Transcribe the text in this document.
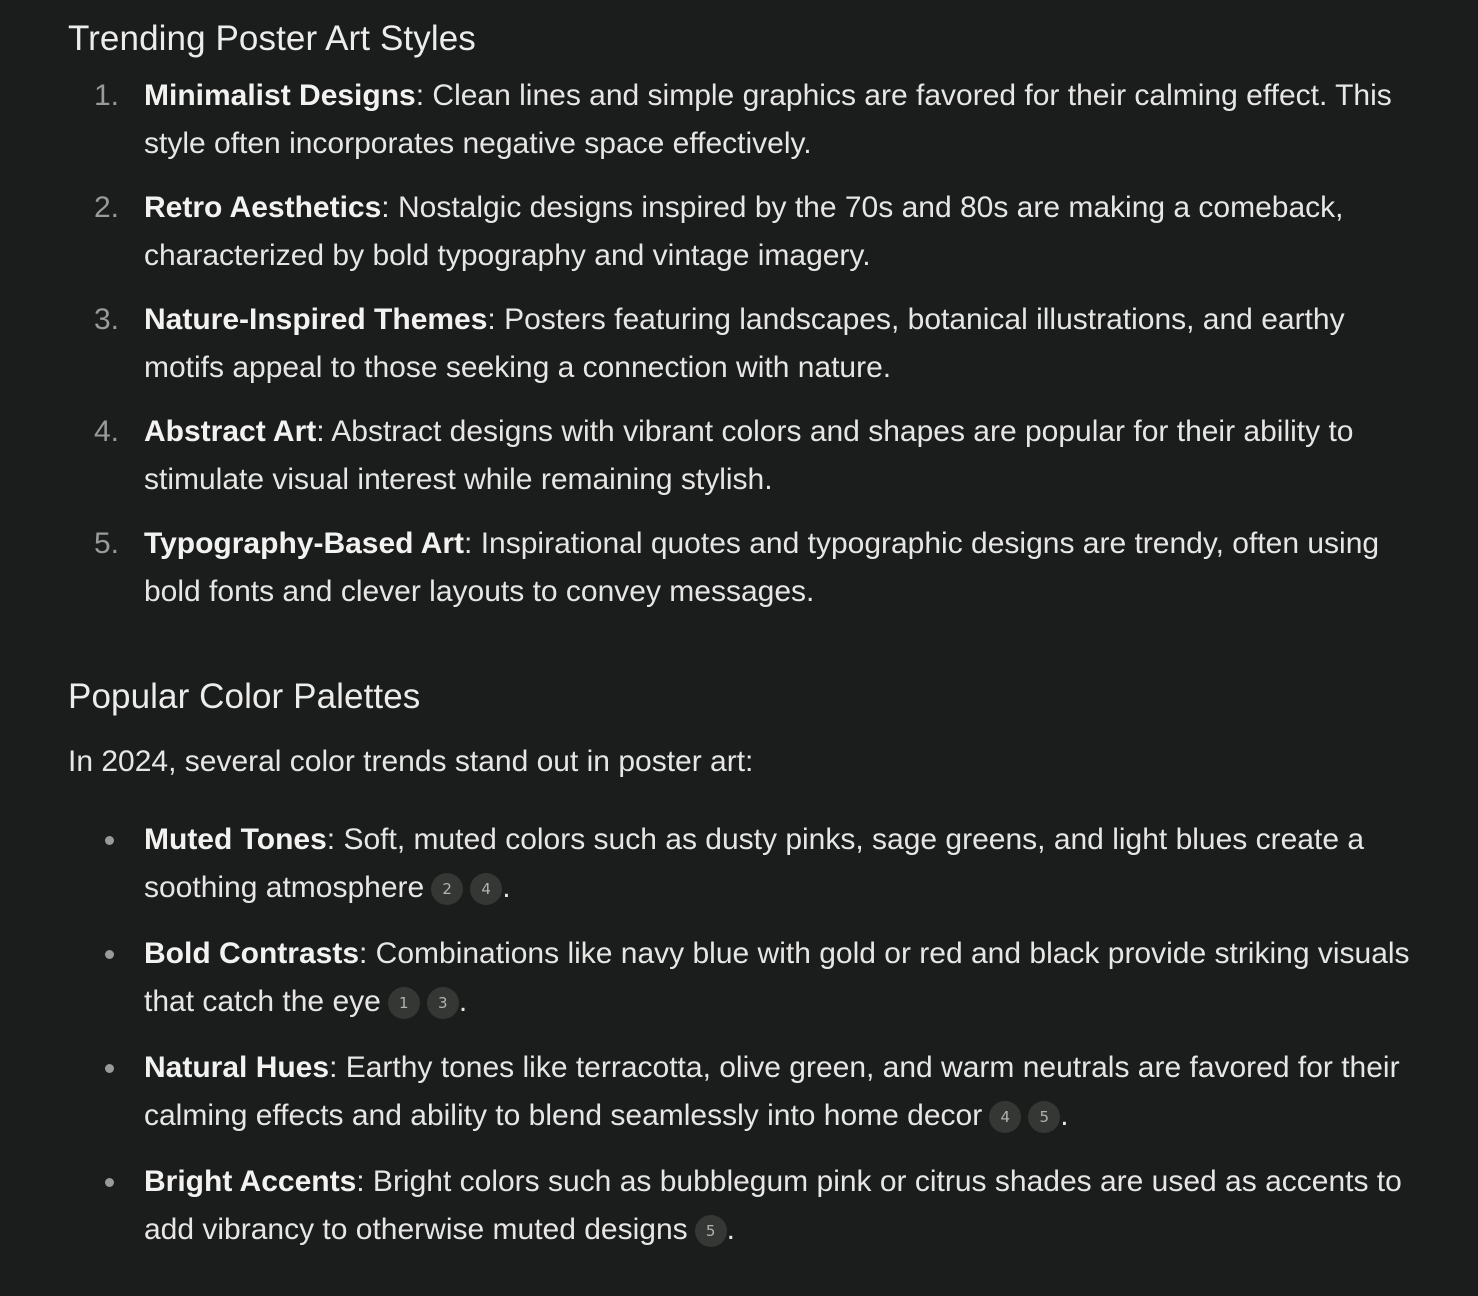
Trending Poster Art Styles
1. Minimalist Designs: Clean lines and simple graphics are favored for their calming effect. This style often incorporates negative space effectively.
2. Retro Aesthetics: Nostalgic designs inspired by the 70s and 80s are making a comeback, characterized by bold typography and vintage imagery.
3. Nature-Inspired Themes: Posters featuring landscapes, botanical illustrations, and earthy motifs appeal to those seeking a connection with nature.
4. Abstract Art: Abstract designs with vibrant colors and shapes are popular for their ability to stimulate visual interest while remaining stylish.
5. Typography-Based Art: Inspirational quotes and typographic designs are trendy, often using bold fonts and clever layouts to convey messages.
Popular Color Palettes

In 2024, several color trends stand out in poster art:

Muted Tones: Soft, muted colors such as dusty pinks, sage greens, and light blues create a soothing atmosphere 2 4 .
Bold Contrasts: Combinations like navy blue with gold or red and black provide striking visuals that catch the eye 1 3 .
Natural Hues: Earthy tones like terracotta, olive green, and warm neutrals are favored for their calming effects and ability to blend seamlessly into home decor 4 5 .
Bright Accents: Bright colors such as bubblegum pink or citrus shades are used as accents to add vibrancy to otherwise muted designs 5 .
